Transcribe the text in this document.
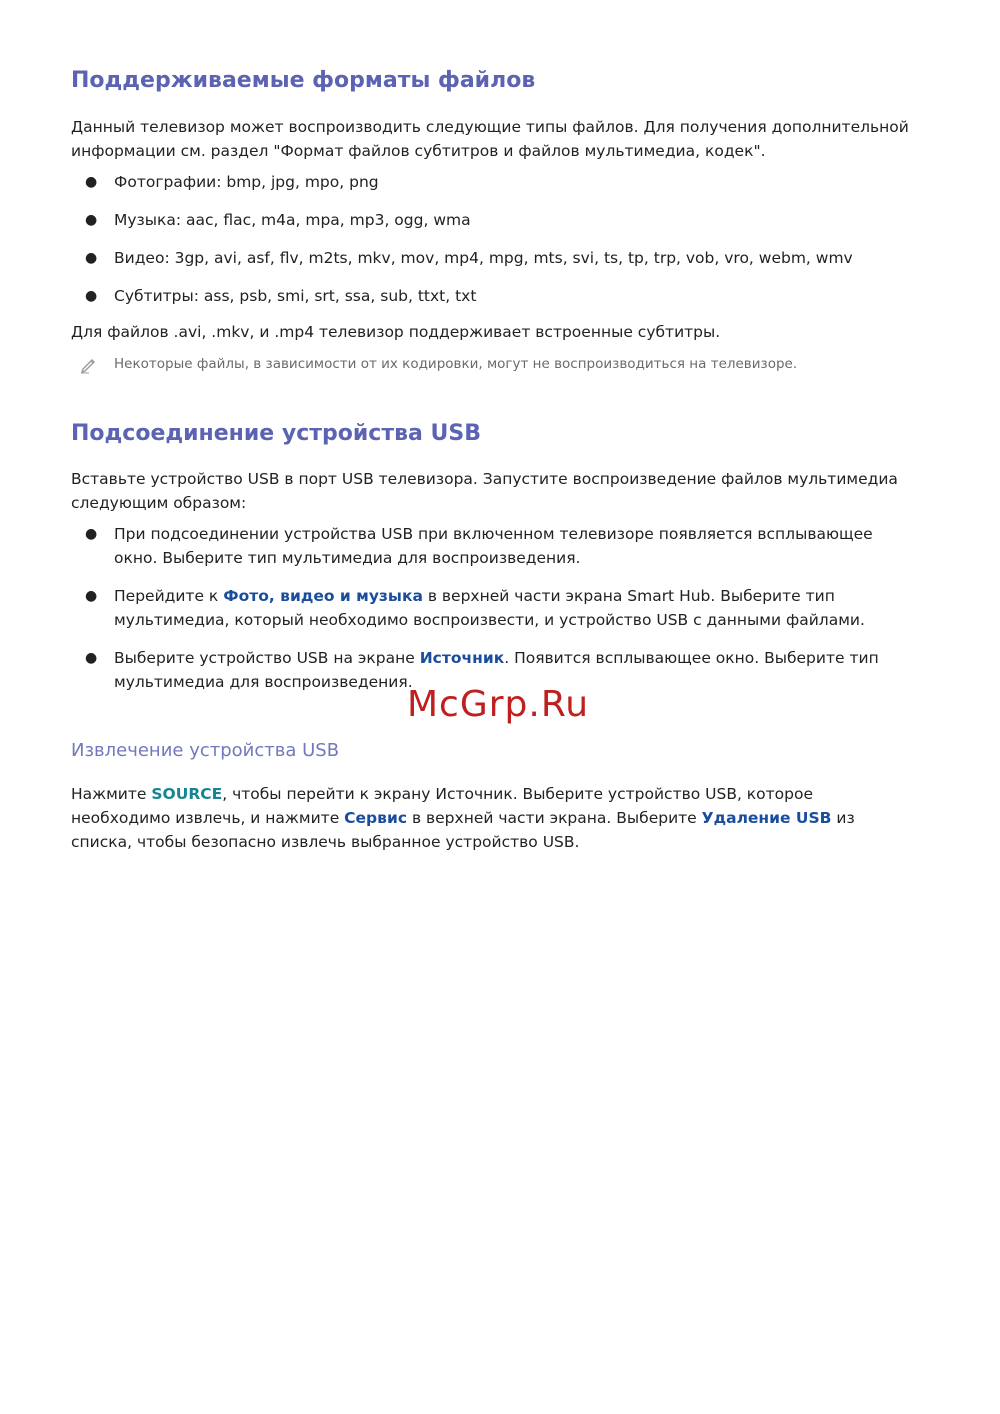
Поддерживаемые форматы файлов

Данный телевизор может воспроизводить следующие типы файлов. Для получения дополнительной информации см. раздел "Формат файлов субтитров и файлов мультимедиа, кодек".

● Фотографии: bmp, jpg, mpo, png
● Музыка: aac, flac, m4a, mpa, mp3, ogg, wma
● Видео: 3gp, avi, asf, flv, m2ts, mkv, mov, mp4, mpg, mts, svi, ts, tp, trp, vob, vro, webm, wmv
● Субтитры: ass, psb, smi, srt, ssa, sub, ttxt, txt

Для файлов .avi, .mkv, и .mp4 телевизор поддерживает встроенные субтитры.

Некоторые файлы, в зависимости от их кодировки, могут не воспроизводиться на телевизоре.
Подсоединение устройства USB

Вставьте устройство USB в порт USB телевизора. Запустите воспроизведение файлов мультимедиа следующим образом:

● При подсоединении устройства USB при включенном телевизоре появляется всплывающее окно. Выберите тип мультимедиа для воспроизведения.
● Перейдите к Фото, видео и музыка в верхней части экрана Smart Hub. Выберите тип мультимедиа, который необходимо воспроизвести, и устройство USB с данными файлами.
● Выберите устройство USB на экране Источник. Появится всплывающее окно. Выберите тип мультимедиа для воспроизведения.
Извлечение устройства USB

Нажмите SOURCE, чтобы перейти к экрану Источник. Выберите устройство USB, которое необходимо извлечь, и нажмите Сервис в верхней части экрана. Выберите Удаление USB из списка, чтобы безопасно извлечь выбранное устройство USB.

McGrp.Ru
